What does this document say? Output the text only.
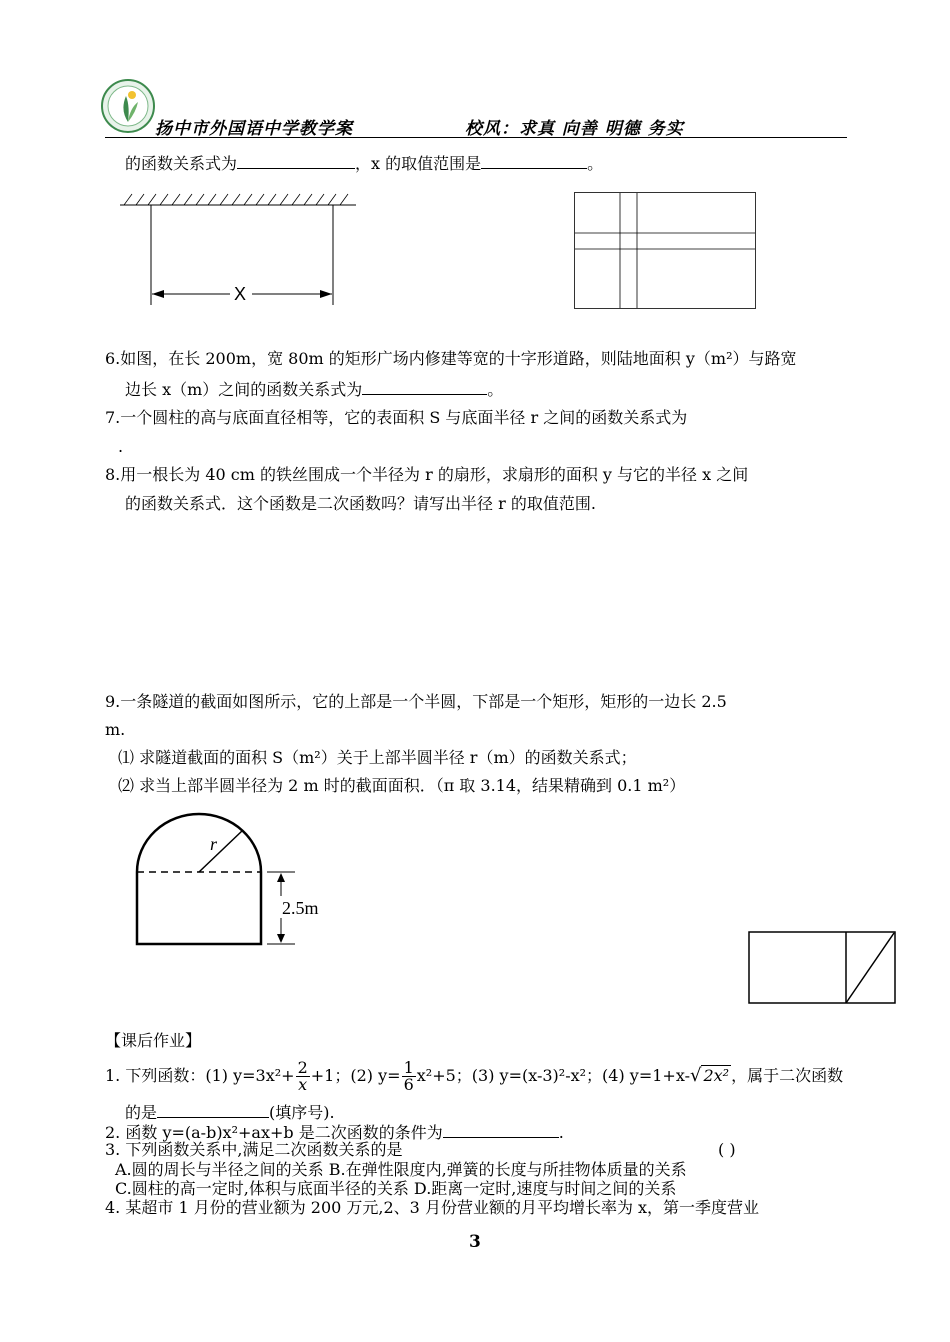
扬中市外国语中学教学案	校风：求真 向善 明德 务实
的函数关系式为	，x 的取值范围是	。
X
6.如图，在长 200m，宽 80m 的矩形广场内修建等宽的十字形道路，则陆地面积 y（m²）与路宽
边长 x（m）之间的函数关系式为	。
7.一个圆柱的高与底面直径相等，它的表面积 S 与底面半径 r 之间的函数关系式为
.
8.用一根长为 40 cm 的铁丝围成一个半径为 r 的扇形，求扇形的面积 y 与它的半径 x 之间
的函数关系式．这个函数是二次函数吗？请写出半径 r 的取值范围.
9.一条隧道的截面如图所示，它的上部是一个半圆，下部是一个矩形，矩形的一边长 2.5
m.
⑴ 求隧道截面的面积 S（m²）关于上部半圆半径 r（m）的函数关系式；
⑵ 求当上部半圆半径为 2 m 时的截面面积．（π 取 3.14，结果精确到 0.1 m²）
r
2.5m
【课后作业】
1. 下列函数：(1) $y=3x^2+ \frac{2}{x} +1$；(2) $y= \frac{1}{6} x^2+5$；(3) y=(x-3)²-x²；(4) y=1+x- √ 2x² ，属于二次函数
的是	(填序号).
2. 函数 y=(a-b)x²+ax+b 是二次函数的条件为	.
3. 下列函数关系中,满足二次函数关系的是	( )
A.圆的周长与半径之间的关系 B.在弹性限度内,弹簧的长度与所挂物体质量的关系
C.圆柱的高一定时,体积与底面半径的关系 D.距离一定时,速度与时间之间的关系
4. 某超市 1 月份的营业额为 200 万元,2、3 月份营业额的月平均增长率为 x，第一季度营业
3
